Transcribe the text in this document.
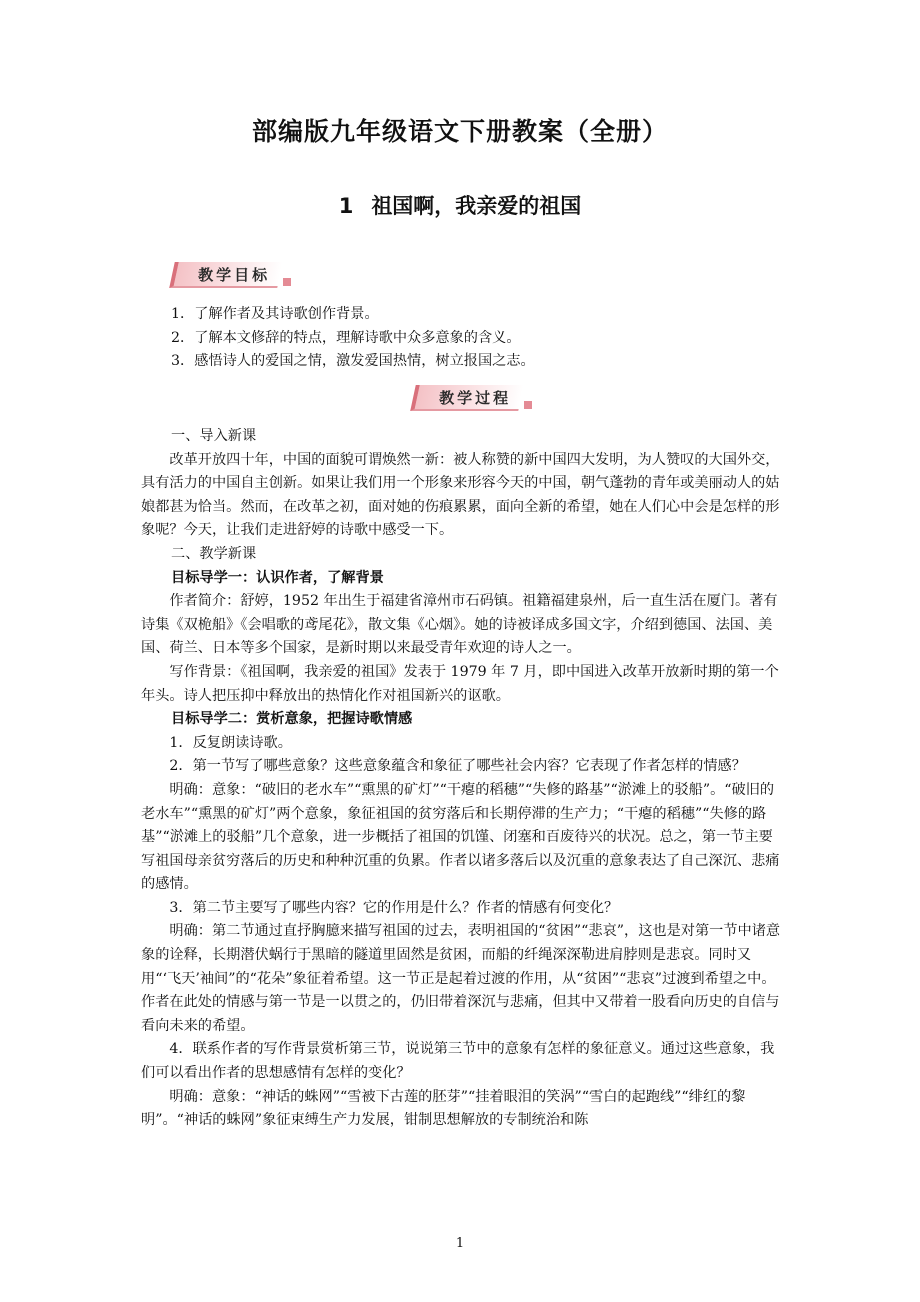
部编版九年级语文下册教案（全册）
1 祖国啊，我亲爱的祖国
教学目标

1．了解作者及其诗歌创作背景。

2．了解本文修辞的特点，理解诗歌中众多意象的含义。

3．感悟诗人的爱国之情，激发爱国热情，树立报国之志。

教学过程

一、导入新课

改革开放四十年，中国的面貌可谓焕然一新：被人称赞的新中国四大发明，为人赞叹的大国外交，具有活力的中国自主创新。如果让我们用一个形象来形容今天的中国，朝气蓬勃的青年或美丽动人的姑娘都甚为恰当。然而，在改革之初，面对她的伤痕累累，面向全新的希望，她在人们心中会是怎样的形象呢？今天，让我们走进舒婷的诗歌中感受一下。

二、教学新课

目标导学一：认识作者，了解背景

作者简介：舒婷，1952 年出生于福建省漳州市石码镇。祖籍福建泉州，后一直生活在厦门。著有诗集《双桅船》《会唱歌的鸢尾花》，散文集《心烟》。她的诗被译成多国文字，介绍到德国、法国、美国、荷兰、日本等多个国家，是新时期以来最受青年欢迎的诗人之一。

写作背景：《祖国啊，我亲爱的祖国》发表于 1979 年 7 月，即中国进入改革开放新时期的第一个年头。诗人把压抑中释放出的热情化作对祖国新兴的讴歌。

目标导学二：赏析意象，把握诗歌情感

1．反复朗读诗歌。

2．第一节写了哪些意象？这些意象蕴含和象征了哪些社会内容？它表现了作者怎样的情感？

明确：意象：“破旧的老水车”“熏黑的矿灯”“干瘪的稻穗”“失修的路基”“淤滩上的驳船”。“破旧的老水车”“熏黑的矿灯”两个意象，象征祖国的贫穷落后和长期停滞的生产力；“干瘪的稻穗”“失修的路基”“淤滩上的驳船”几个意象，进一步概括了祖国的饥馑、闭塞和百废待兴的状况。总之，第一节主要写祖国母亲贫穷落后的历史和种种沉重的负累。作者以诸多落后以及沉重的意象表达了自己深沉、悲痛的感情。

3．第二节主要写了哪些内容？它的作用是什么？作者的情感有何变化？

明确：第二节通过直抒胸臆来描写祖国的过去，表明祖国的“贫困”“悲哀”，这也是对第一节中诸意象的诠释，长期潜伏蜗行于黑暗的隧道里固然是贫困，而船的纤绳深深勒进肩脖则是悲哀。同时又用“‘飞天’袖间”的“花朵”象征着希望。这一节正是起着过渡的作用，从“贫困”“悲哀”过渡到希望之中。作者在此处的情感与第一节是一以贯之的，仍旧带着深沉与悲痛，但其中又带着一股看向历史的自信与看向未来的希望。

4．联系作者的写作背景赏析第三节，说说第三节中的意象有怎样的象征意义。通过这些意象，我们可以看出作者的思想感情有怎样的变化？

明确：意象：“神话的蛛网”“雪被下古莲的胚芽”“挂着眼泪的笑涡”“雪白的起跑线”“绯红的黎明”。“神话的蛛网”象征束缚生产力发展，钳制思想解放的专制统治和陈

1
